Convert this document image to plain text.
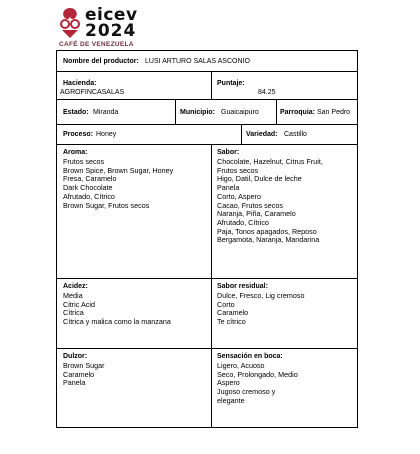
eicev
2024
CAFÉ DE VENEZUELA
Nombre del productor: LUSI ARTURO SALAS ASCONIO
Hacienda:
AGROFINCASALAS
Puntaje:
84.25
Estado: Miranda	Municipio: Guaicaipuro	Parroquia: San Pedro
Proceso: Honey	Variedad: Castillo
Aroma:
Frutos secos
Brown Spice, Brown Sugar, Honey
Fresa, Caramelo
Dark Chocolate
Afrutado, Cítrico
Brown Sugar, Frutos secos
Sabor:
Chocolate, Hazelnut, Citrus Fruit,
Frutos secos
Higo, Datil, Dulce de leche
Panela
Corto, Aspero
Cacao, Frutos secos
Naranja, Piña, Caramelo
Afrutado, Cítrico
Paja, Tonos apagados, Reposo
Bergamota, Naranja, Mandarina
Acidez:
Media
Citric Acid
Cítrica
Cítrica y malica como la manzana
Sabor residual:
Dulce, Fresco, Lig cremoso
Corto
Caramelo
Te cítrico
Dulzor:
Brown Sugar
Caramelo
Panela
Sensación en boca:
Ligero, Acuoso
Seco, Prolongado, Medio
Aspero
Jugoso cremoso y
elegante
